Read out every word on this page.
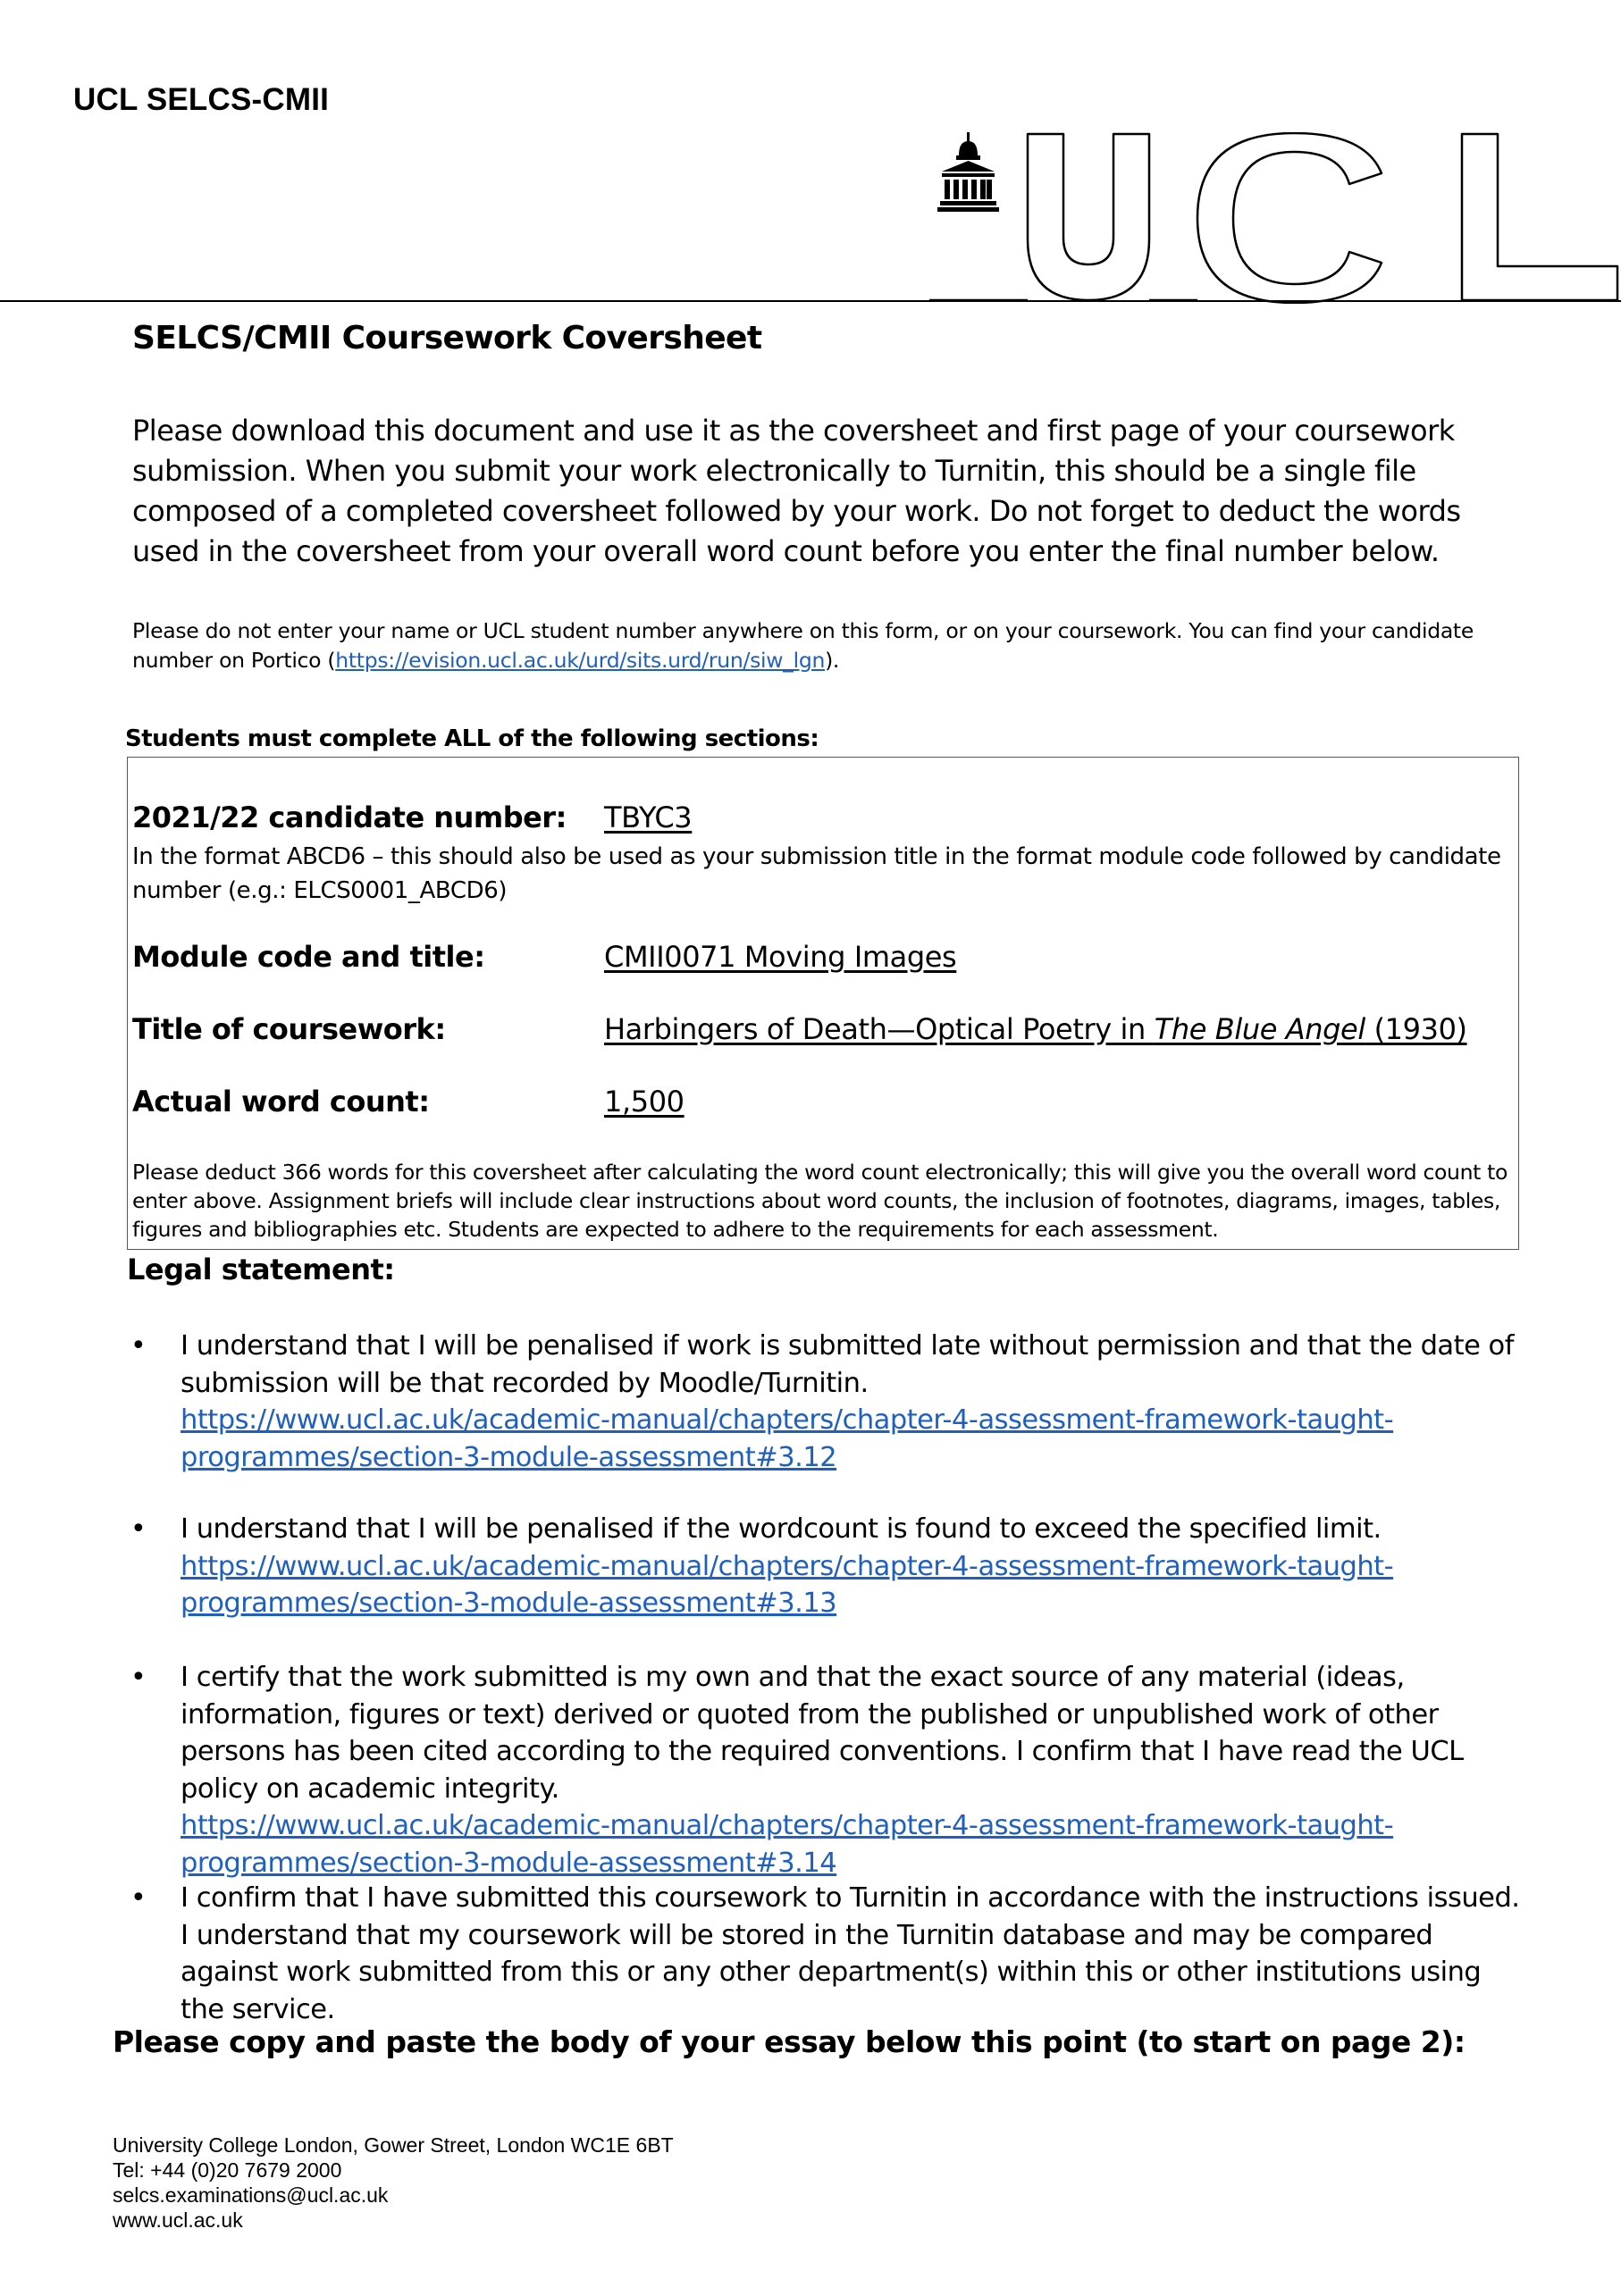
UCL SELCS-CMII
SELCS/CMII Coursework Coversheet
Please download this document and use it as the coversheet and first page of your coursework submission. When you submit your work electronically to Turnitin, this should be a single file composed of a completed coversheet followed by your work. Do not forget to deduct the words used in the coversheet from your overall word count before you enter the final number below.
Please do not enter your name or UCL student number anywhere on this form, or on your coursework. You can find your candidate number on Portico (https://evision.ucl.ac.uk/urd/sits.urd/run/siw_lgn).
Students must complete ALL of the following sections:
2021/22 candidate number: TBYC3
In the format ABCD6 – this should also be used as your submission title in the format module code followed by candidate number (e.g.: ELCS0001_ABCD6)
Module code and title:	CMII0071 Moving Images
Title of coursework:	Harbingers of Death—Optical Poetry in The Blue Angel (1930)
Actual word count:	1,500
Please deduct 366 words for this coversheet after calculating the word count electronically; this will give you the overall word count to enter above. Assignment briefs will include clear instructions about word counts, the inclusion of footnotes, diagrams, images, tables, figures and bibliographies etc. Students are expected to adhere to the requirements for each assessment.
Legal statement:
• I understand that I will be penalised if work is submitted late without permission and that the date of submission will be that recorded by Moodle/Turnitin.
https://www.ucl.ac.uk/academic-manual/chapters/chapter-4-assessment-framework-taught-programmes/section-3-module-assessment#3.12
• I understand that I will be penalised if the wordcount is found to exceed the specified limit.
https://www.ucl.ac.uk/academic-manual/chapters/chapter-4-assessment-framework-taught-programmes/section-3-module-assessment#3.13
• I certify that the work submitted is my own and that the exact source of any material (ideas, information, figures or text) derived or quoted from the published or unpublished work of other persons has been cited according to the required conventions. I confirm that I have read the UCL policy on academic integrity.
https://www.ucl.ac.uk/academic-manual/chapters/chapter-4-assessment-framework-taught-programmes/section-3-module-assessment#3.14
• I confirm that I have submitted this coursework to Turnitin in accordance with the instructions issued. I understand that my coursework will be stored in the Turnitin database and may be compared against work submitted from this or any other department(s) within this or other institutions using the service.
Please copy and paste the body of your essay below this point (to start on page 2):
University College London, Gower Street, London WC1E 6BT
Tel: +44 (0)20 7679 2000
selcs.examinations@ucl.ac.uk
www.ucl.ac.uk
